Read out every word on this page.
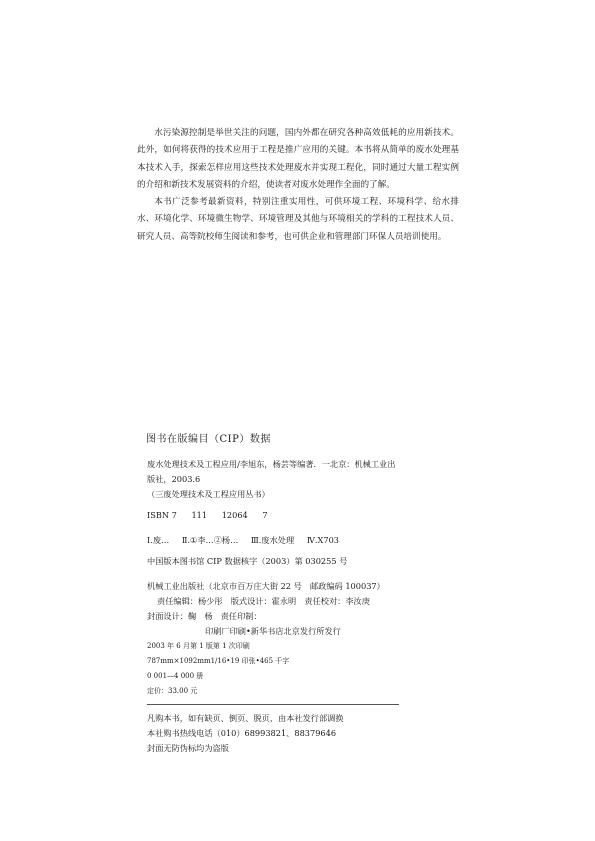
水污染源控制是举世关注的问题，国内外都在研究各种高效低耗的应用新技术。此外，如何将获得的技术应用于工程是推广应用的关键。本书将从简单的废水处理基本技术入手，探索怎样应用这些技术处理废水并实现工程化，同时通过大量工程实例的介绍和新技术发展资料的介绍，使读者对废水处理作全面的了解。

本书广泛参考最新资料，特别注重实用性，可供环境工程、环境科学、给水排水、环境化学、环境微生物学、环境管理及其他与环境相关的学科的工程技术人员、研究人员、高等院校师生阅读和参考，也可供企业和管理部门环保人员培训使用。

图书在版编目（CIP）数据
废水处理技术及工程应用/李旭东，杨芸等编著．一北京：机械工业出
版社，2003.6
（三废处理技术及工程应用丛书）
ISBN 7 111 12064 7
Ⅰ.废… Ⅱ.①李…②杨… Ⅲ.废水处理 Ⅳ.X703
中国版本图书馆 CIP 数据核字（2003）第 030255 号
机械工业出版社（北京市百万庄大街 22 号　邮政编码 100037）
责任编辑：杨少彤　版式设计：霍永明　责任校对：李汝庚
封面设计：鞠　杨　责任印制：
印刷厂印刷•新华书店北京发行所发行
2003 年 6 月第 1 版第 1 次印刷
787mm×1092mm1/16•19 印张•465 千字
0 001—4 000 册
定价：33.00 元
凡购本书，如有缺页、倒页、脱页，由本社发行部调换
本社购书热线电话（010）68993821、88379646
封面无防伪标均为盗版
